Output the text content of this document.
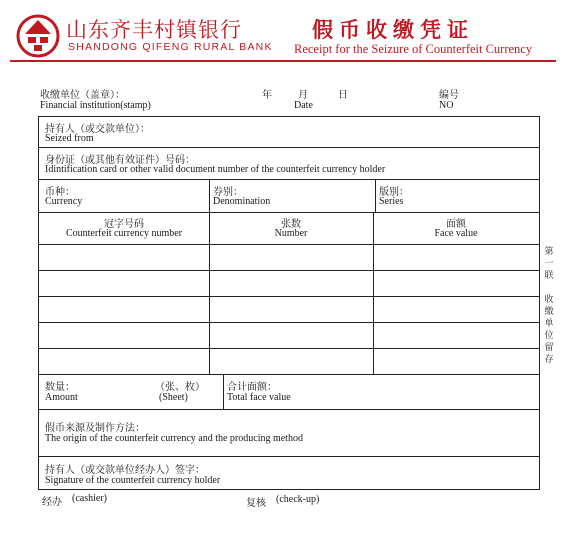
山东齐丰村镇银行
SHANDONG QIFENG RURAL BANK
假币收缴凭证
Receipt for the Seizure of Counterfeit Currency
收缴单位（盖章）：
Financial institution(stamp)
年	月	日
Date
编号
NO
持有人（或交款单位）：
Seized from
身份证（或其他有效证件）号码：
Idintification card or other valid document number of the counterfeit currency holder
币种：
Currency
券别：
Denomination
版别：
Series
冠字号码
Counterfeit currency number
张数
Number
面额
Face value
数量：
Amount
（张、枚）
(Sheet)
合计面额：
Total face value
假币来源及制作方法：
The origin of the counterfeit currency and the producing method
持有人（或交款单位经办人）签字：
Signature of the counterfeit currency holder
经办 (cashier)	复核 (check-up)
第一联
收缴单位留存
